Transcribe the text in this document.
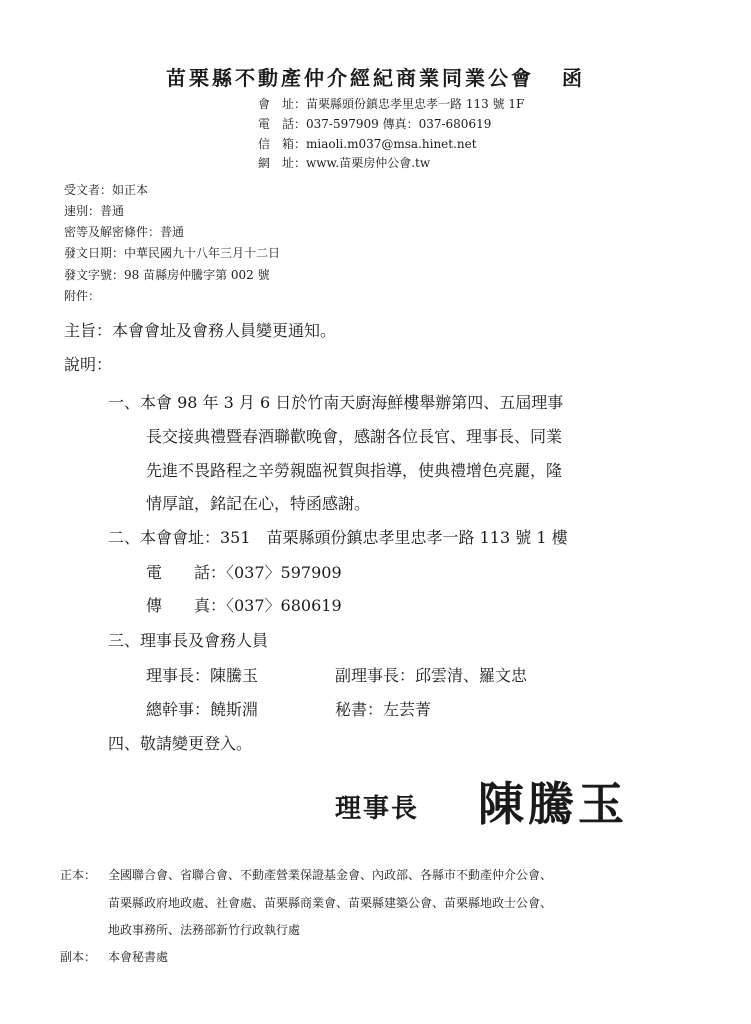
苗栗縣不動產仲介經紀商業同業公會 函
會　址：苗栗縣頭份鎮忠孝里忠孝一路 113 號 1F
電　話：037-597909 傳真：037-680619
信　箱：miaoli.m037@msa.hinet.net
網　址：www.苗栗房仲公會.tw
受文者：如正本
速別：普通
密等及解密條件：普通
發文日期：中華民國九十八年三月十二日
發文字號：98 苗縣房仲騰字第 002 號
附件：
主旨：本會會址及會務人員變更通知。
說明：
一、本會 98 年 3 月 6 日於竹南天廚海鮮樓舉辦第四、五屆理事
長交接典禮暨春酒聯歡晚會，感謝各位長官、理事長、同業
先進不畏路程之辛勞親臨祝賀與指導，使典禮增色亮麗，隆
情厚誼，銘記在心，特函感謝。
二、本會會址：351　苗栗縣頭份鎮忠孝里忠孝一路 113 號 1 樓
電　　話：〈037〉597909
傳　　真：〈037〉680619
三、理事長及會務人員
理事長：陳騰玉	副理事長：邱雲清、羅文忠
總幹事：饒斯淵	秘書：左芸菁
四、敬請變更登入。
理事長 陳騰玉
正本： 全國聯合會、省聯合會、不動產營業保證基金會、內政部、各縣市不動產仲介公會、
苗栗縣政府地政處、社會處、苗栗縣商業會、苗栗縣建築公會、苗栗縣地政士公會、
地政事務所、法務部新竹行政執行處
副本： 本會秘書處
